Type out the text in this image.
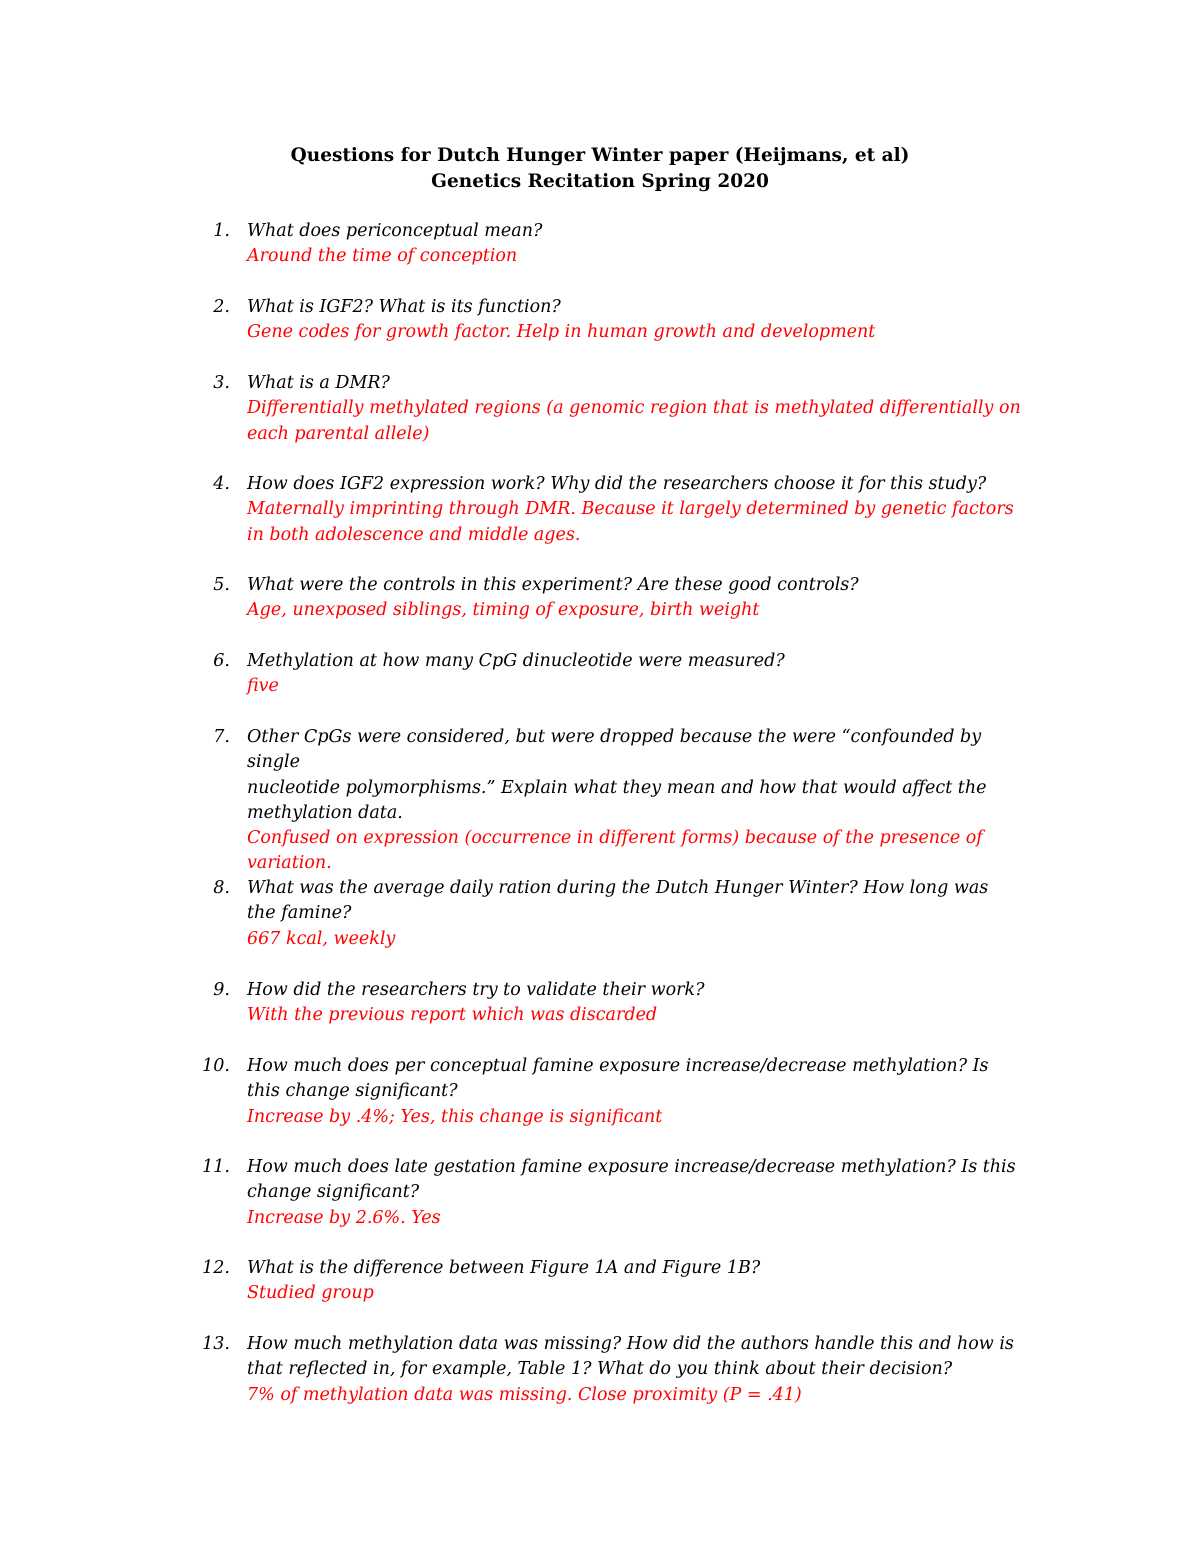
Questions for Dutch Hunger Winter paper (Heijmans, et al)
Genetics Recitation Spring 2020
1. What does periconceptual mean?
Around the time of conception
2. What is IGF2? What is its function?
Gene codes for growth factor. Help in human growth and development
3. What is a DMR?
Differentially methylated regions (a genomic region that is methylated differentially on
each parental allele)
4. How does IGF2 expression work? Why did the researchers choose it for this study?
Maternally imprinting through DMR. Because it largely determined by genetic factors
in both adolescence and middle ages.
5. What were the controls in this experiment? Are these good controls?
Age, unexposed siblings, timing of exposure, birth weight
6. Methylation at how many CpG dinucleotide were measured?
five
7. Other CpGs were considered, but were dropped because the were “confounded by single
nucleotide polymorphisms.” Explain what they mean and how that would affect the
methylation data.
Confused on expression (occurrence in different forms) because of the presence of
variation.
8. What was the average daily ration during the Dutch Hunger Winter? How long was
the famine?
667 kcal, weekly
9. How did the researchers try to validate their work?
With the previous report which was discarded
10. How much does per conceptual famine exposure increase/decrease methylation? Is
this change significant?
Increase by .4%; Yes, this change is significant
11. How much does late gestation famine exposure increase/decrease methylation? Is this
change significant?
Increase by 2.6%. Yes
12. What is the difference between Figure 1A and Figure 1B?
Studied group
13. How much methylation data was missing? How did the authors handle this and how is
that reflected in, for example, Table 1? What do you think about their decision?
7% of methylation data was missing. Close proximity (P = .41)
